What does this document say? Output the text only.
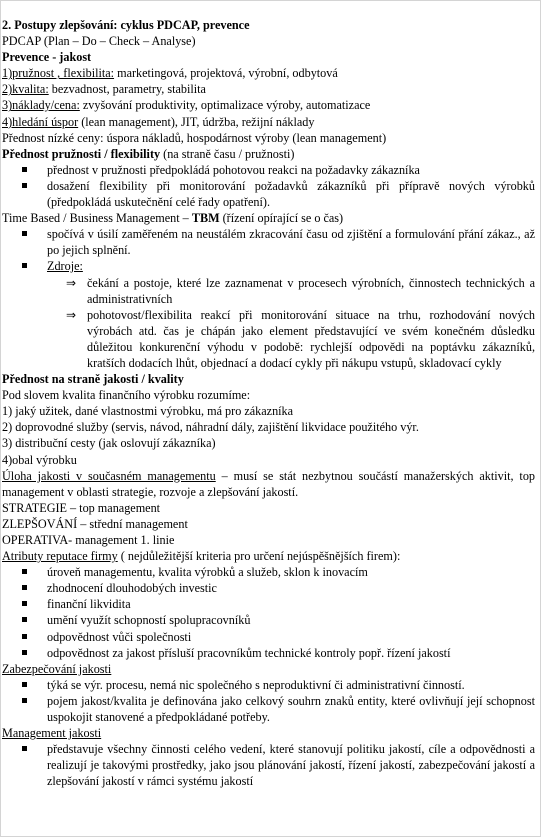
2. Postupy zlepšování: cyklus PDCAP, prevence
PDCAP (Plan – Do – Check – Analyse)
Prevence - jakost
1)pružnost , flexibilita: marketingová, projektová, výrobní, odbytová
2)kvalita: bezvadnost, parametry, stabilita
3)náklady/cena: zvyšování produktivity, optimalizace výroby, automatizace
4)hledání úspor (lean management), JIT, údržba, režijní náklady
Přednost nízké ceny: úspora nákladů, hospodárnost výroby (lean management)
Přednost pružnosti / flexibility (na straně času / pružnosti)
přednost v pružnosti předpokládá pohotovou reakci na požadavky zákazníka
dosažení flexibility při monitorování požadavků zákazníků při přípravě nových výrobků (předpokládá uskutečnění celé řady opatření).
Time Based / Business Management – TBM (řízení opírající se o čas)
spočívá v úsilí zaměřeném na neustálém zkracování času od zjištění a formulování přání zákaz., až po jejich splnění.
Zdroje:
⇒ čekání a postoje, které lze zaznamenat v procesech výrobních, činnostech technických a administrativních
⇒ pohotovost/flexibilita reakcí při monitorování situace na trhu, rozhodování nových výrobách atd. čas je chápán jako element představující ve svém konečném důsledku důležitou konkurenční výhodu v podobě: rychlejší odpovědi na poptávku zákazníků, kratších dodacích lhůt, objednací a dodací cykly při nákupu vstupů, skladovací cykly
Přednost na straně jakosti / kvality
Pod slovem kvalita finančního výrobku rozumíme:
1) jaký užitek, dané vlastnostmi výrobku, má pro zákazníka
2) doprovodné služby (servis, návod, náhradní dály, zajištění likvidace použitého výr.
3) distribuční cesty (jak oslovují zákazníka)
4)obal výrobku
Úloha jakosti v současném managementu – musí se stát nezbytnou součástí manažerských aktivit, top management v oblasti strategie, rozvoje a zlepšování jakostí.
STRATEGIE – top management
ZLEPŠOVÁNÍ – střední management
OPERATIVA- management 1. linie
Atributy reputace firmy ( nejdůležitější kriteria pro určení nejúspěšnějších firem):
úroveň managementu, kvalita výrobků a služeb, sklon k inovacím
zhodnocení dlouhodobých investic
finanční likvidita
umění využít schopností spolupracovníků
odpovědnost vůči společnosti
odpovědnost za jakost přísluší pracovníkům technické kontroly popř. řízení jakostí
Zabezpečování jakosti
týká se výr. procesu, nemá nic společného s neproduktivní či administrativní činností.
pojem jakost/kvalita je definována jako celkový souhrn znaků entity, které ovlivňují její schopnost uspokojit stanovené a předpokládané potřeby.
Management jakosti
představuje všechny činnosti celého vedení, které stanovují politiku jakostí, cíle a odpovědnosti a realizují je takovými prostředky, jako jsou plánování jakostí, řízení jakostí, zabezpečování jakostí a zlepšování jakostí v rámci systému jakostí
